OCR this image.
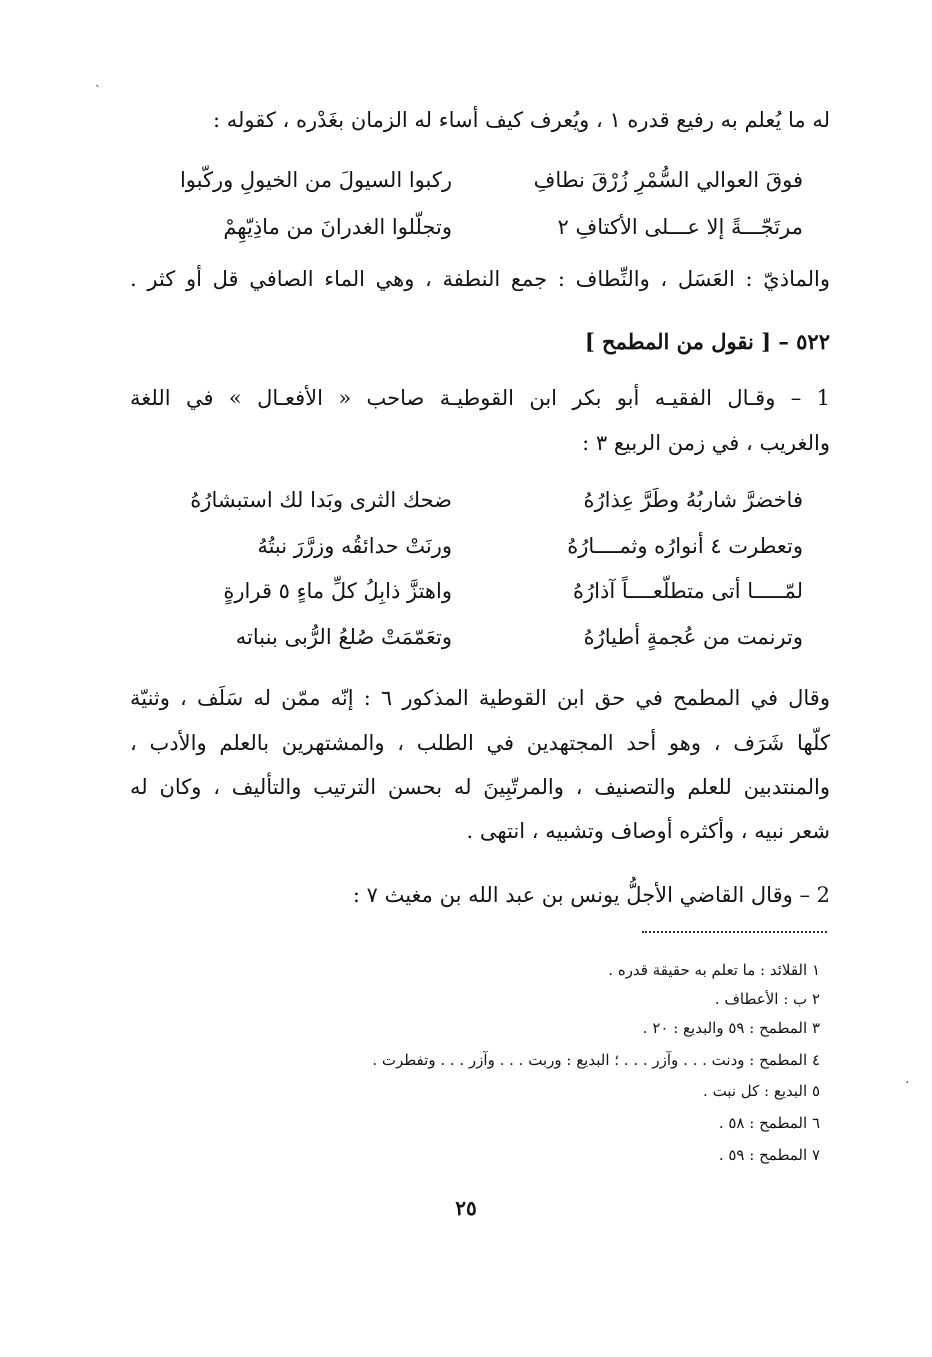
له ما يُعلم به رفيع قدره ١ ، ويُعرف كيف أساء له الزمان بغَدْره ، كقوله :
فوقَ العوالي السُّمْرِ زُرْقَ نطافِ
ركبوا السيولَ من الخيولِ وركّبوا
مرتَجّـــةً إلا عـــلى الأكتافِ ٢
وتجلّلوا الغدرانَ من ماذِيّهِمْ
والماذيّ : العَسَل ، والنِّطاف : جمع النطفة ، وهي الماء الصافي قل أو كثر .
٥٢٢ – [ نقول من المطمح ]
1 – وقـال الفقيـه أبو بكر ابن القوطيـة صاحب « الأفعـال » في اللغة
والغريب ، في زمن الربيع ٣ :
فاخضرَّ شاربُهُ وطَرَّ عِذارُهُ
ضحك الثرى وبَدا لك استبشارُهُ
وتعطرت ٤ أنوارُه وثمــــارُهُ
ورنَتْ حدائقُه وزرَّرَ نبتُهُ
لمّـــــا أتى متطلّعــــاً آذارُهُ
واهتزَّ ذابِلُ كلِّ ماءٍ ٥ قرارةٍ
وترنمت من عُجمةٍ أطيارُهُ
وتعَمّمَتْ صُلعُ الرُّبى بنباته
وقال في المطمح في حق ابن القوطية المذكور ٦ : إنّه ممّن له سَلَف ، وثنيّة
كلّها شَرَف ، وهو أحد المجتهدين في الطلب ، والمشتهرين بالعلم والأدب ،
والمنتدبين للعلم والتصنيف ، والمرتّبِينَ له بحسن الترتيب والتأليف ، وكان له
شعر نبيه ، وأكثره أوصاف وتشبيه ، انتهى .
2 – وقال القاضي الأجلُّ يونس بن عبد الله بن مغيث ٧ :
١ القلائد : ما تعلم به حقيقة قدره .
٢ ب : الأعطاف .
٣ المطمح : ٥٩ والبديع : ٢٠ .
٤ المطمح : ودنت . . . وآزر . . . ؛ البديع : وربت . . . وآزر . . . وتفطرت .
٥ البديع : كل نبت .
٦ المطمح : ٥٨ .
٧ المطمح : ٥٩ .
٢٥
ˏ
·
